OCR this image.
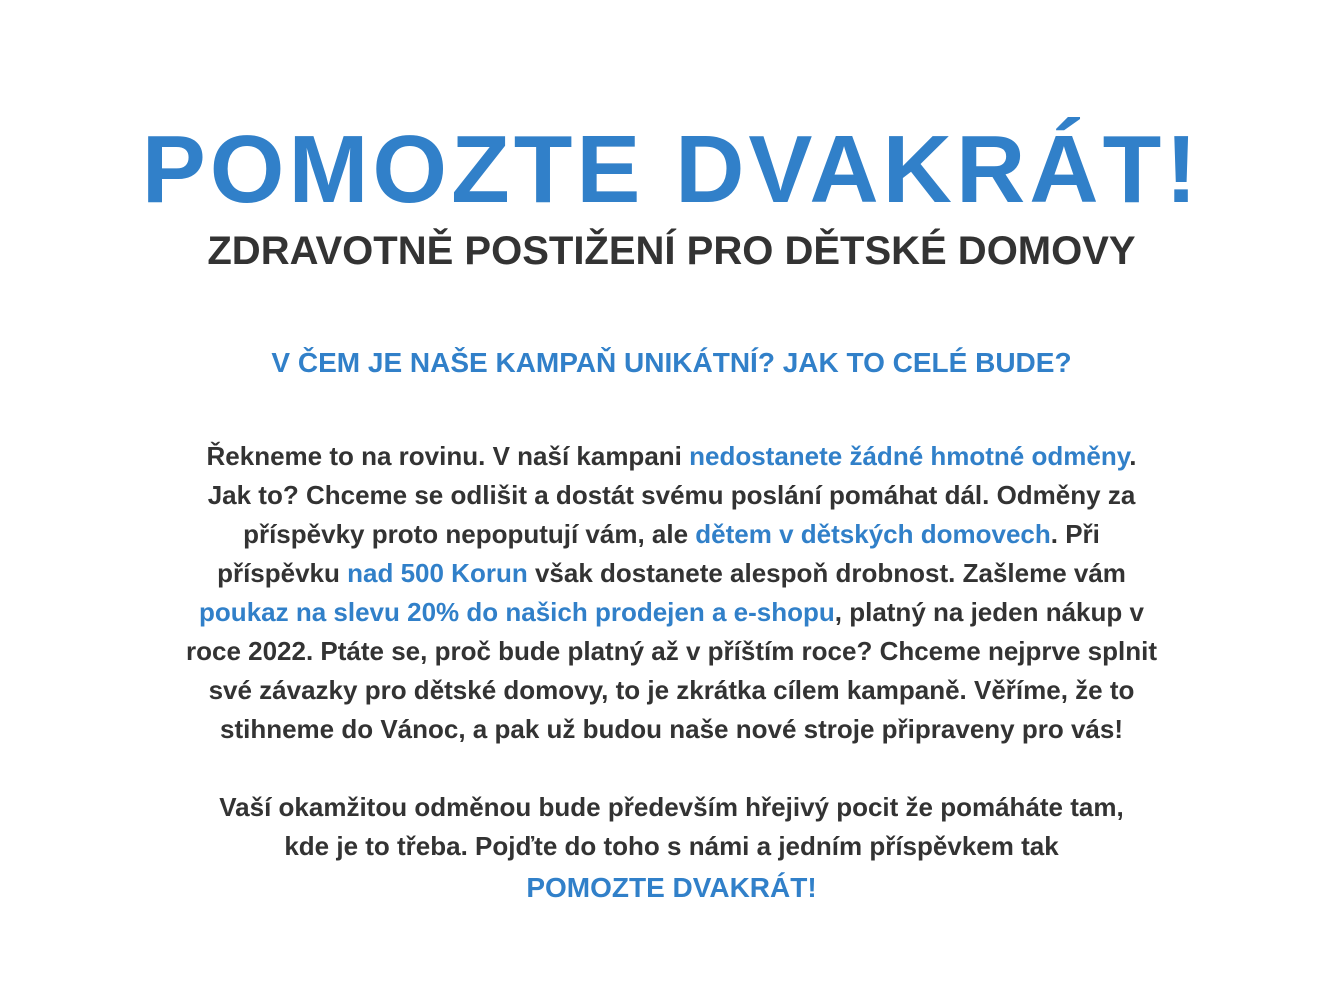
POMOZTE DVAKRÁT!
ZDRAVOTNĚ POSTIŽENÍ PRO DĚTSKÉ DOMOVY
V ČEM JE NAŠE KAMPAŇ UNIKÁTNÍ? JAK TO CELÉ BUDE?
Řekneme to na rovinu. V naší kampani nedostanete žádné hmotné odměny.
Jak to? Chceme se odlišit a dostát svému poslání pomáhat dál. Odměny za
příspěvky proto nepoputují vám, ale dětem v dětských domovech. Při
příspěvku nad 500 Korun však dostanete alespoň drobnost. Zašleme vám
poukaz na slevu 20% do našich prodejen a e-shopu, platný na jeden nákup v
roce 2022. Ptáte se, proč bude platný až v příštím roce? Chceme nejprve splnit
své závazky pro dětské domovy, to je zkrátka cílem kampaně. Věříme, že to
stihneme do Vánoc, a pak už budou naše nové stroje připraveny pro vás!
Vaší okamžitou odměnou bude především hřejivý pocit že pomáháte tam,
kde je to třeba. Pojďte do toho s námi a jedním příspěvkem tak
POMOZTE DVAKRÁT!
